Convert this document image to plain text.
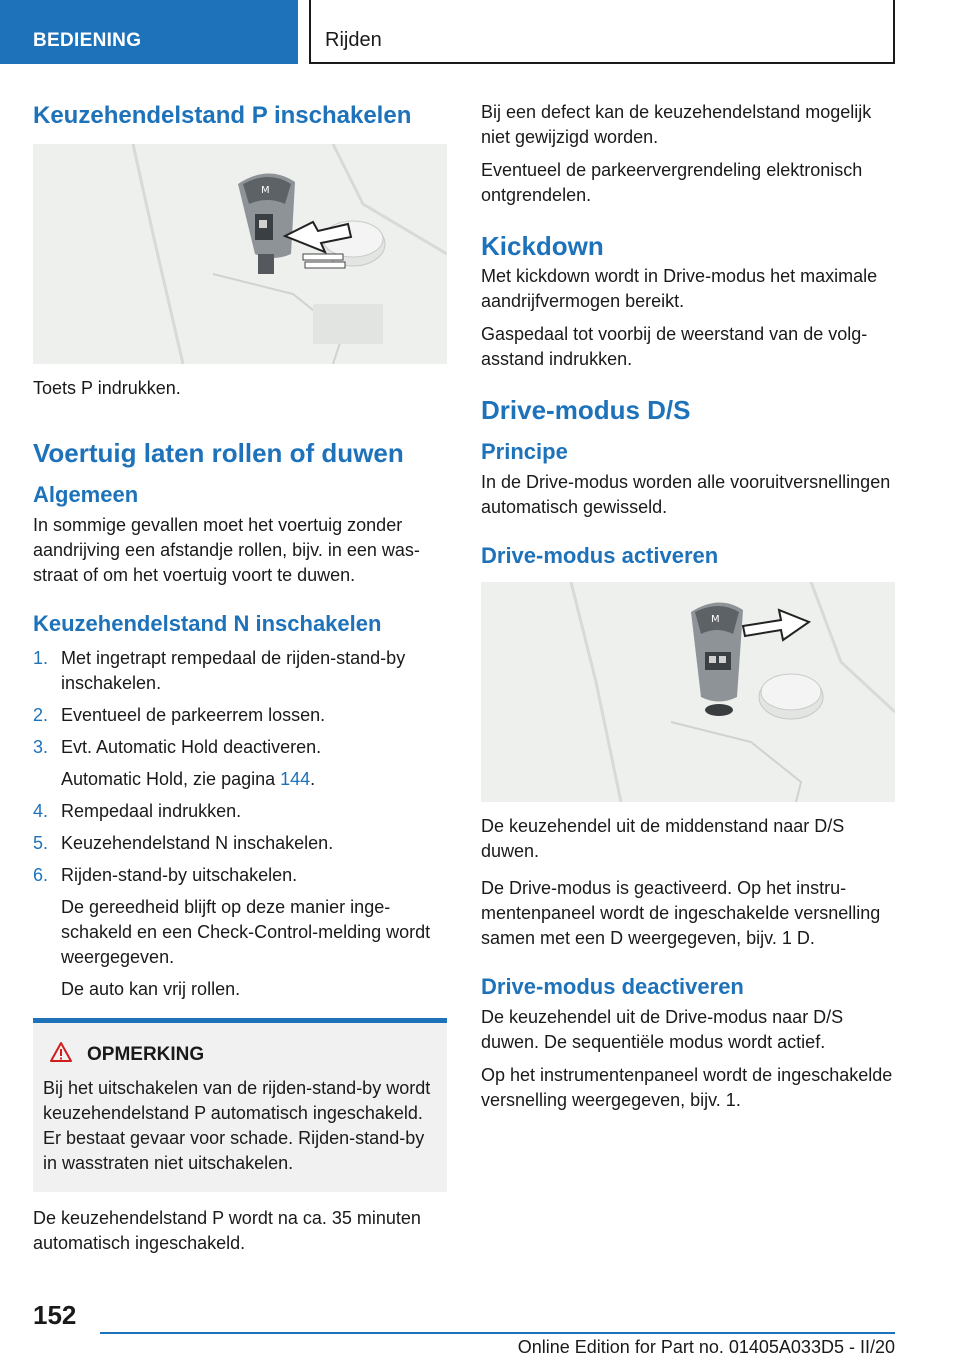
BEDIENING	Rijden
Keuzehendelstand P inschakelen
M

Toets P indrukken.

Voertuig laten rollen of duwen
Algemeen

In sommige gevallen moet het voertuig zonder aandrijving een afstandje rollen, bijv. in een wasstraat of om het voertuig voort te duwen.

Keuzehendelstand N inschakelen
1. Met ingetrapt rempedaal de rijden-stand-by inschakelen.
2. Eventueel de parkeerrem lossen.
3. Evt. Automatic Hold deactiveren.
Automatic Hold, zie pagina 144.
4. Rempedaal indrukken.
5. Keuzehendelstand N inschakelen.
6. Rijden-stand-by uitschakelen.
De gereedheid blijft op deze manier ingeschakeld en een Check-Control-melding wordt weergegeven.
De auto kan vrij rollen.
OPMERKING

Bij het uitschakelen van de rijden-stand-by wordt keuzehendelstand P automatisch ingeschakeld. Er bestaat gevaar voor schade. Rijden-stand-by in wasstraten niet uitschakelen.

De keuzehendelstand P wordt na ca. 35 minuten automatisch ingeschakeld.

Bij een defect kan de keuzehendelstand mogelijk niet gewijzigd worden.

Eventueel de parkeervergrendeling elektronisch ontgrendelen.

Kickdown

Met kickdown wordt in Drive-modus het maximale aandrijfvermogen bereikt.

Gaspedaal tot voorbij de weerstand van de volgasstand indrukken.

Drive-modus D/S
Principe

In de Drive-modus worden alle vooruitversnellingen automatisch gewisseld.

Drive-modus activeren
M

De keuzehendel uit de middenstand naar D/S duwen.

De Drive-modus is geactiveerd. Op het instrumentenpaneel wordt de ingeschakelde versnelling samen met een D weergegeven, bijv. 1 D.

Drive-modus deactiveren

De keuzehendel uit de Drive-modus naar D/S duwen. De sequentiële modus wordt actief.

Op het instrumentenpaneel wordt de ingeschakelde versnelling weergegeven, bijv. 1.

152
Online Edition for Part no. 01405A033D5 - II/20
